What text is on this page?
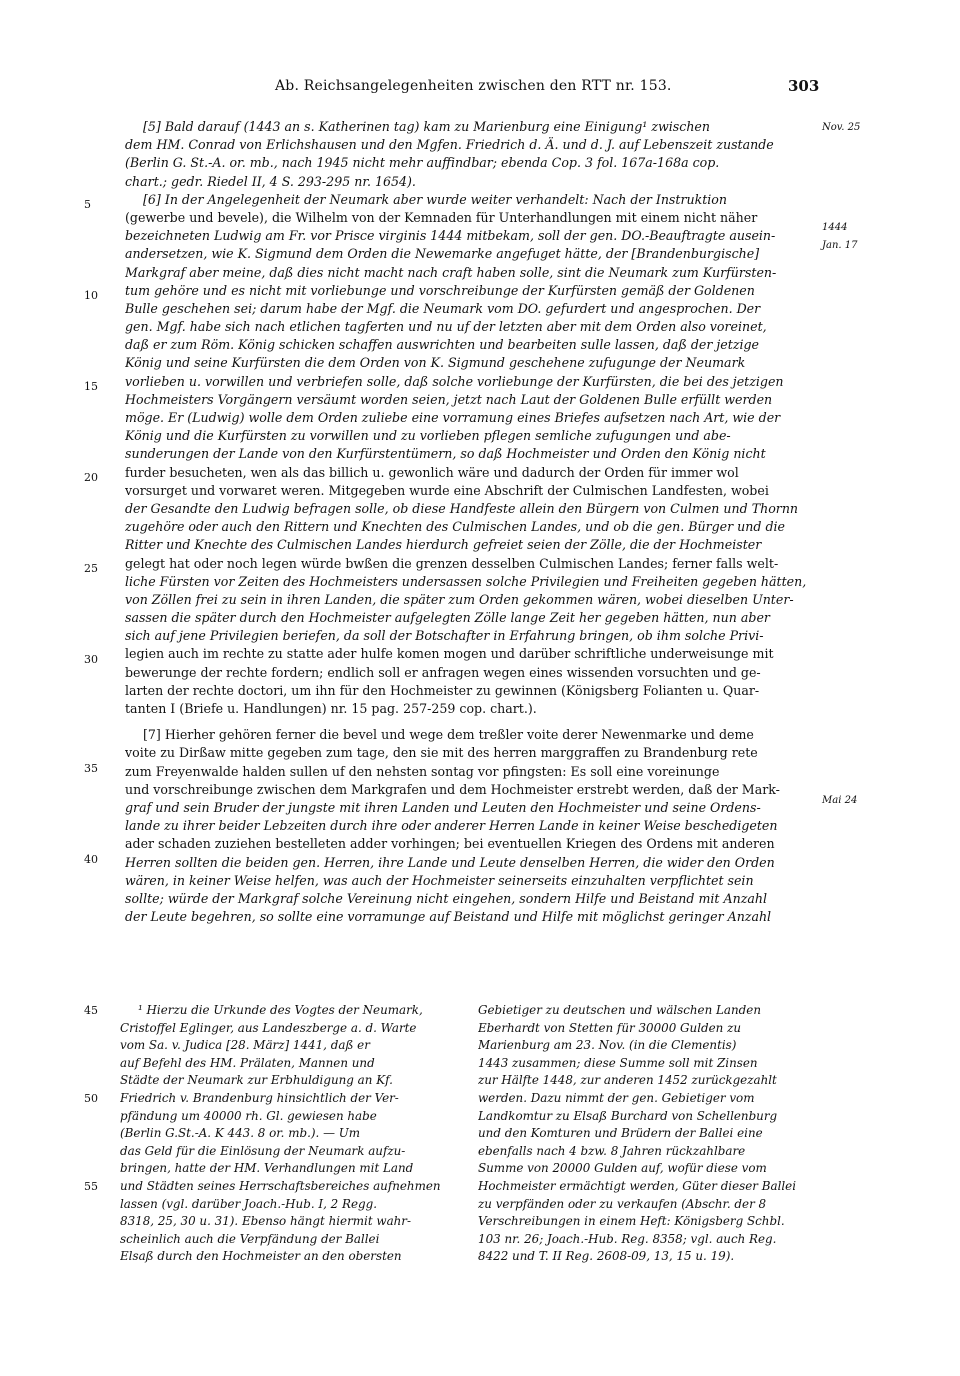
Ab. Reichsangelegenheiten zwischen den RTT nr. 153.	303
Nov. 25
1444
Jan. 17
Mai 24
5
10
15
20
25
30
35
40
45
50
55
[5] Bald darauf (1443 an s. Katherinen tag) kam zu Marienburg eine Einigung¹ zwischen
dem HM. Conrad von Erlichshausen und den Mgfen. Friedrich d. Ä. und d. J. auf Lebenszeit zustande
(Berlin G. St.-A. or. mb., nach 1945 nicht mehr auffindbar; ebenda Cop. 3 fol. 167a-168a cop.
chart.; gedr. Riedel II, 4 S. 293-295 nr. 1654).
[6] In der Angelegenheit der Neumark aber wurde weiter verhandelt: Nach der Instruktion
(gewerbe und bevele), die Wilhelm von der Kemnaden für Unterhandlungen mit einem nicht näher
bezeichneten Ludwig am Fr. vor Prisce virginis 1444 mitbekam, soll der gen. DO.-Beauftragte ausein-
andersetzen, wie K. Sigmund dem Orden die Newemarke angefuget hätte, der [Brandenburgische]
Markgraf aber meine, daß dies nicht macht nach craft haben solle, sint die Neumark zum Kurfürsten-
tum gehöre und es nicht mit vorliebunge und vorschreibunge der Kurfürsten gemäß der Goldenen
Bulle geschehen sei; darum habe der Mgf. die Neumark vom DO. gefurdert und angesprochen. Der
gen. Mgf. habe sich nach etlichen tagferten und nu uf der letzten aber mit dem Orden also voreinet,
daß er zum Röm. König schicken schaffen auswrichten und bearbeiten sulle lassen, daß der jetzige
König und seine Kurfürsten die dem Orden von K. Sigmund geschehene zufugunge der Neumark
vorlieben u. vorwillen und verbriefen solle, daß solche vorliebunge der Kurfürsten, die bei des jetzigen
Hochmeisters Vorgängern versäumt worden seien, jetzt nach Laut der Goldenen Bulle erfüllt werden
möge. Er (Ludwig) wolle dem Orden zuliebe eine vorramung eines Briefes aufsetzen nach Art, wie der
König und die Kurfürsten zu vorwillen und zu vorlieben pflegen semliche zufugungen und abe-
sunderungen der Lande von den Kurfürstentümern, so daß Hochmeister und Orden den König nicht
furder besucheten, wen als das billich u. gewonlich wäre und dadurch der Orden für immer wol
vorsurget und vorwaret weren. Mitgegeben wurde eine Abschrift der Culmischen Landfesten, wobei
der Gesandte den Ludwig befragen solle, ob diese Handfeste allein den Bürgern von Culmen und Thornn
zugehöre oder auch den Rittern und Knechten des Culmischen Landes, und ob die gen. Bürger und die
Ritter und Knechte des Culmischen Landes hierdurch gefreiet seien der Zölle, die der Hochmeister
gelegt hat oder noch legen würde bwßen die grenzen desselben Culmischen Landes; ferner falls welt-
liche Fürsten vor Zeiten des Hochmeisters undersassen solche Privilegien und Freiheiten gegeben hätten,
von Zöllen frei zu sein in ihren Landen, die später zum Orden gekommen wären, wobei dieselben Unter-
sassen die später durch den Hochmeister aufgelegten Zölle lange Zeit her gegeben hätten, nun aber
sich auf jene Privilegien beriefen, da soll der Botschafter in Erfahrung bringen, ob ihm solche Privi-
legien auch im rechte zu statte ader hulfe komen mogen und darüber schriftliche underweisunge mit
bewerunge der rechte fordern; endlich soll er anfragen wegen eines wissenden vorsuchten und ge-
larten der rechte doctori, um ihn für den Hochmeister zu gewinnen (Königsberg Folianten u. Quar-
tanten I (Briefe u. Handlungen) nr. 15 pag. 257-259 cop. chart.).
[7] Hierher gehören ferner die bevel und wege dem treßler voite derer Newenmarke und deme
voite zu Dirßaw mitte gegeben zum tage, den sie mit des herren marggraffen zu Brandenburg rete
zum Freyenwalde halden sullen uf den nehsten sontag vor pfingsten: Es soll eine voreinunge
und vorschreibunge zwischen dem Markgrafen und dem Hochmeister erstrebt werden, daß der Mark-
graf und sein Bruder der jungste mit ihren Landen und Leuten den Hochmeister und seine Ordens-
lande zu ihrer beider Lebzeiten durch ihre oder anderer Herren Lande in keiner Weise beschedigeten
ader schaden zuziehen bestelleten adder vorhingen; bei eventuellen Kriegen des Ordens mit anderen
Herren sollten die beiden gen. Herren, ihre Lande und Leute denselben Herren, die wider den Orden
wären, in keiner Weise helfen, was auch der Hochmeister seinerseits einzuhalten verpflichtet sein
sollte; würde der Markgraf solche Vereinung nicht eingehen, sondern Hilfe und Beistand mit Anzahl
der Leute begehren, so sollte eine vorramunge auf Beistand und Hilfe mit möglichst geringer Anzahl
¹ Hierzu die Urkunde des Vogtes der Neumark,
Cristoffel Eglinger, aus Landeszberge a. d. Warte
vom Sa. v. Judica [28. März] 1441, daß er
auf Befehl des HM. Prälaten, Mannen und
Städte der Neumark zur Erbhuldigung an Kf.
Friedrich v. Brandenburg hinsichtlich der Ver-
pfändung um 40000 rh. Gl. gewiesen habe
(Berlin G.St.-A. K 443. 8 or. mb.). — Um
das Geld für die Einlösung der Neumark aufzu-
bringen, hatte der HM. Verhandlungen mit Land
und Städten seines Herrschaftsbereiches aufnehmen
lassen (vgl. darüber Joach.-Hub. I, 2 Regg.
8318, 25, 30 u. 31). Ebenso hängt hiermit wahr-
scheinlich auch die Verpfändung der Ballei
Elsaß durch den Hochmeister an den obersten
Gebietiger zu deutschen und wälschen Landen
Eberhardt von Stetten für 30000 Gulden zu
Marienburg am 23. Nov. (in die Clementis)
1443 zusammen; diese Summe soll mit Zinsen
zur Hälfte 1448, zur anderen 1452 zurückgezahlt
werden. Dazu nimmt der gen. Gebietiger vom
Landkomtur zu Elsaß Burchard von Schellenburg
und den Komturen und Brüdern der Ballei eine
ebenfalls nach 4 bzw. 8 Jahren rückzahlbare
Summe von 20000 Gulden auf, wofür diese vom
Hochmeister ermächtigt werden, Güter dieser Ballei
zu verpfänden oder zu verkaufen (Abschr. der 8
Verschreibungen in einem Heft: Königsberg Schbl.
103 nr. 26; Joach.-Hub. Reg. 8358; vgl. auch Reg.
8422 und T. II Reg. 2608-09, 13, 15 u. 19).
